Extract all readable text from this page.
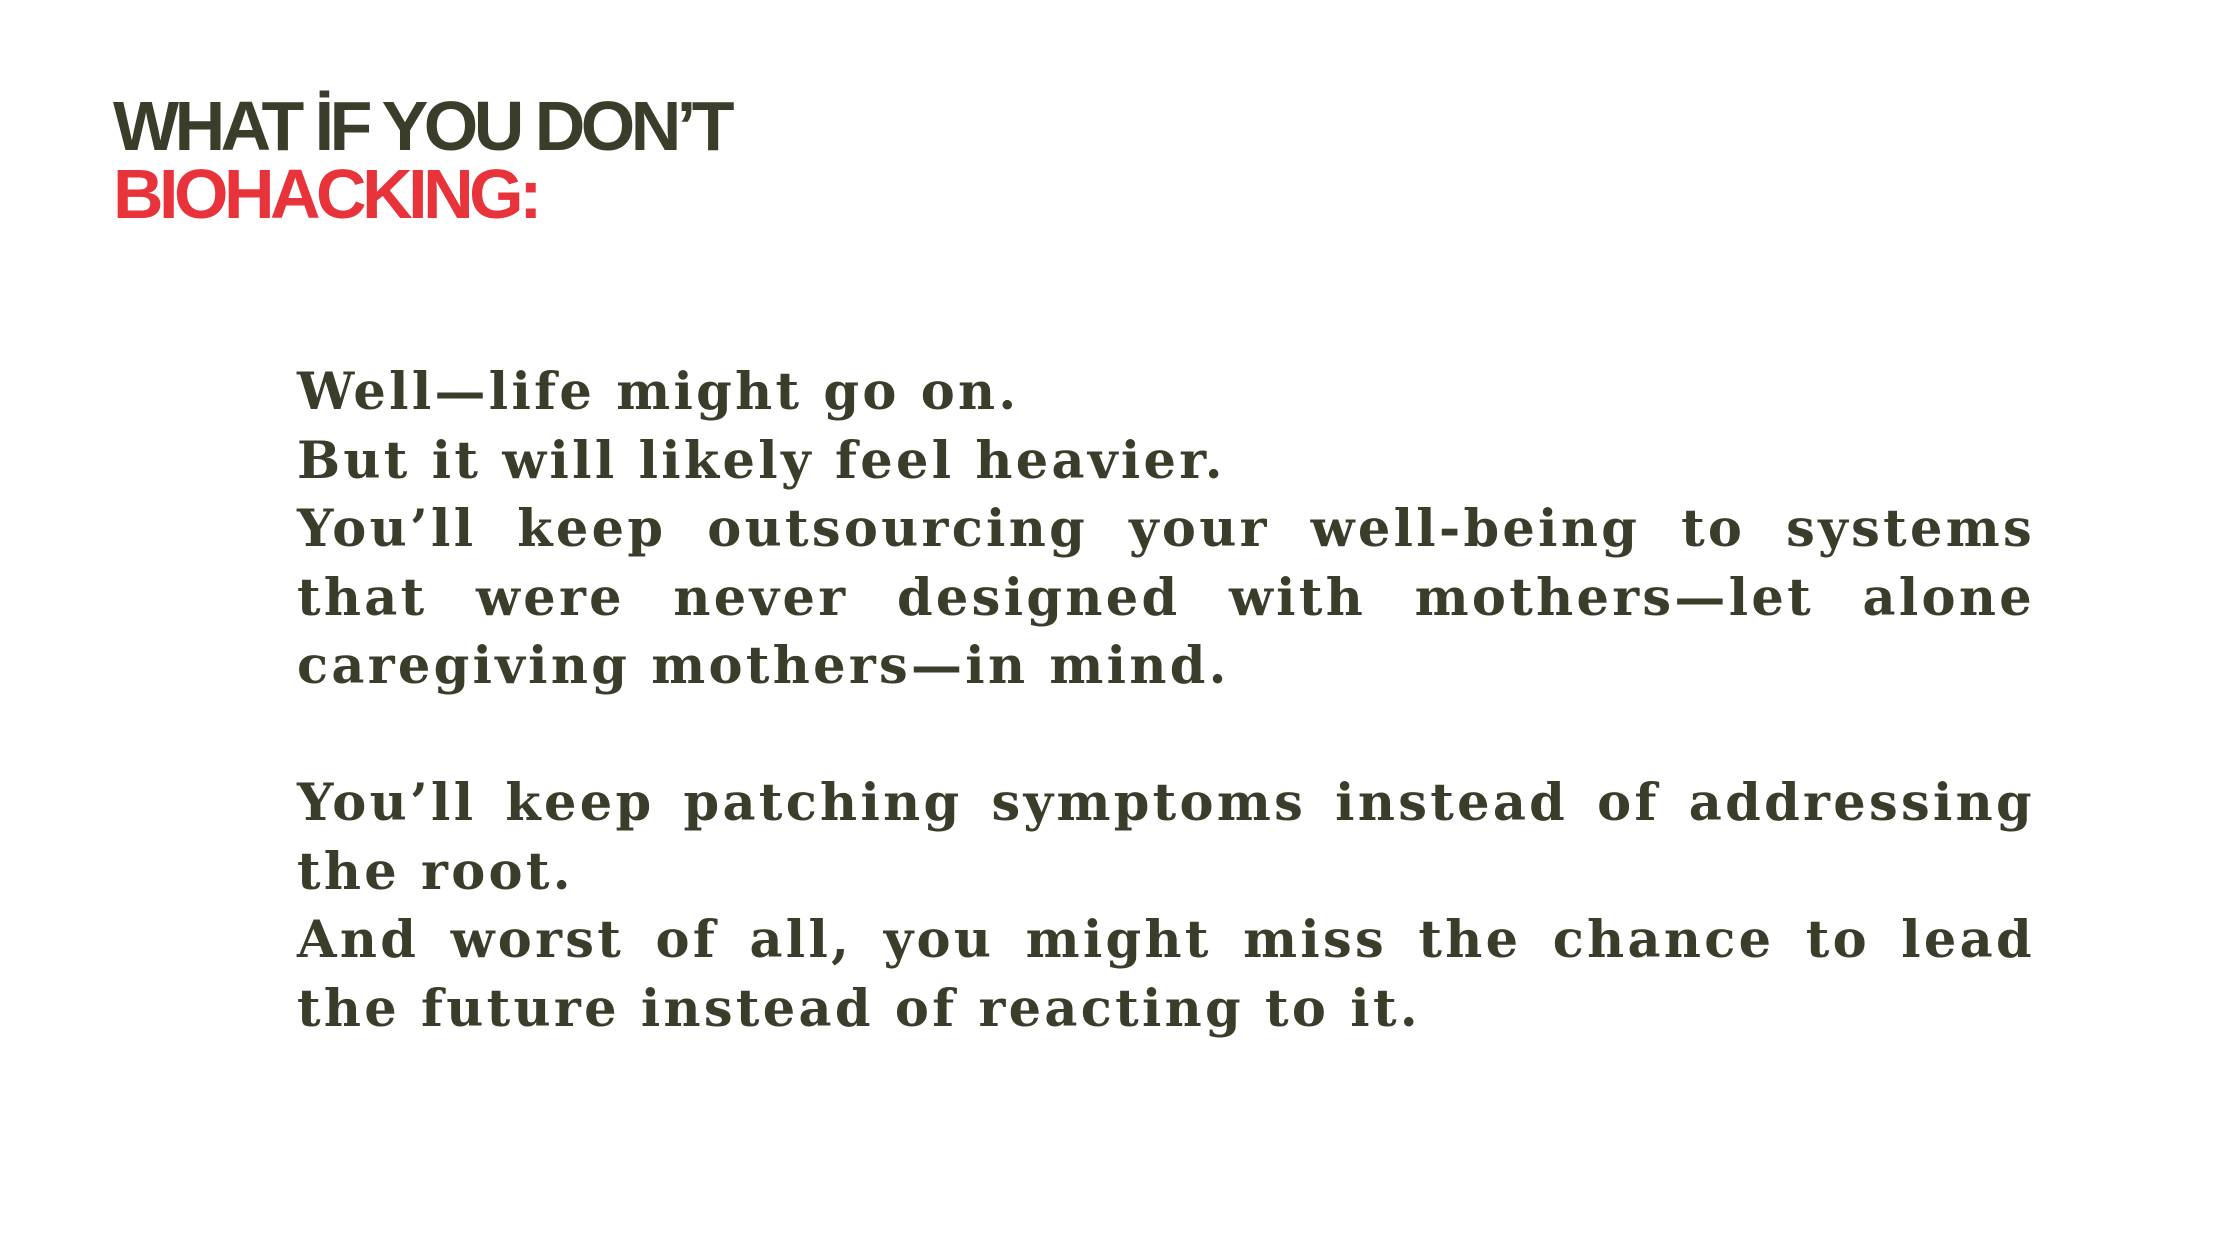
WHAT İF YOU DON’T
BIOHACKING:

Well—life might go on.
But it will likely feel heavier.
You’ll keep outsourcing your well-being to systems that were never designed with mothers—let alone caregiving mothers—in mind.

You’ll keep patching symptoms instead of addressing the root.
And worst of all, you might miss the chance to lead the future instead of reacting to it.
